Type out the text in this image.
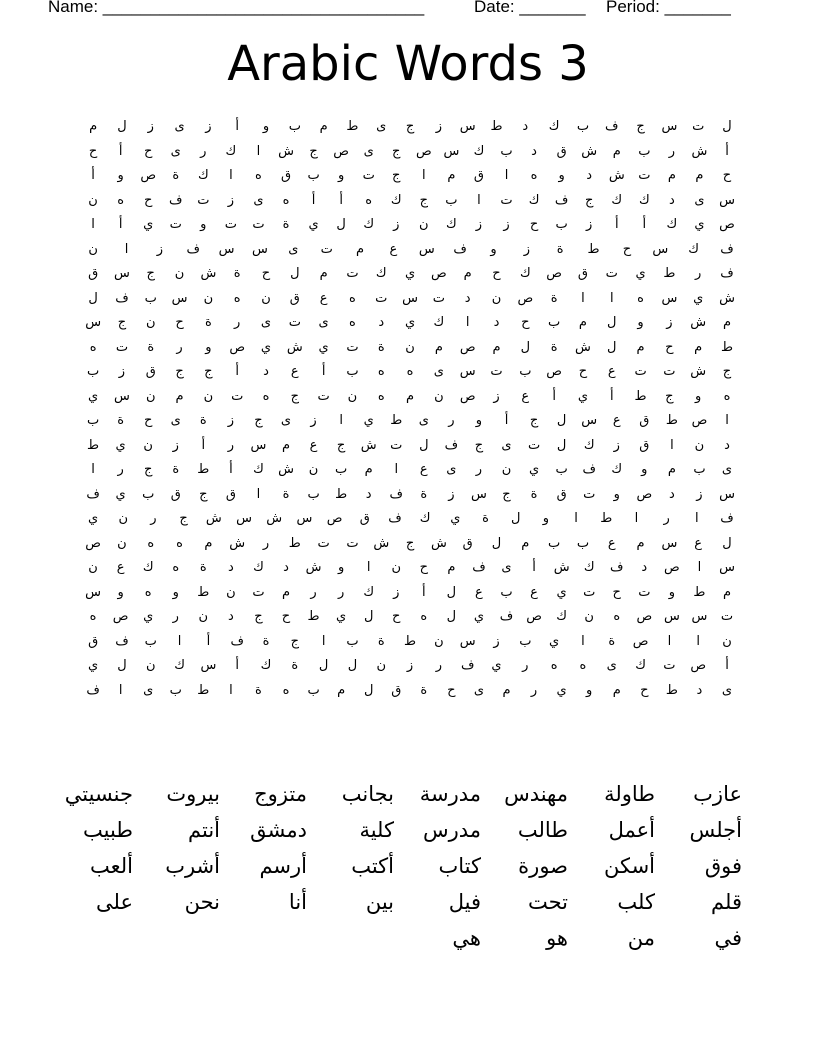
Name: __________________________________	Date: _______ Period: _______
Arabic Words 3
ل
ت
س
ج
ف
ب
ك
د
ط
س
ز
ج
ى
ط
م
ب
و
أ
ز
ى
ز
ل
م
أ
ش
ر
ب
م
ش
ق
د
ب
ك
س
ص
ج
ى
ص
ج
ش
ا
ك
ر
ى
ح
أ
ح
ح
م
م
ت
ش
د
و
ه
ا
ق
م
ا
ج
ت
و
ب
ق
ه
ا
ك
ة
ص
و
أ
س
ى
د
ك
ك
ج
ف
ك
ت
ا
ب
ج
ك
ه
أ
أ
ه
ى
ز
ت
ف
ح
ه
ن
ص
ي
ك
أ
أ
ز
ب
ح
ز
ز
ك
ن
ز
ك
ل
ي
ة
ت
ت
و
ت
ي
أ
ا
ف
ك
س
ح
ط
ة
ز
و
ف
س
ع
م
ت
ى
س
س
ف
ز
ا
ن
ف
ر
ط
ي
ت
ق
ص
ك
ح
م
ص
ي
ك
ت
م
ل
ح
ة
ش
ن
ج
س
ق
ش
ي
س
ه
ا
ا
ة
ص
ن
د
ت
س
ت
ه
ع
ق
ن
ه
ن
س
ب
ف
ل
م
ش
ز
و
ل
م
ب
ح
د
ا
ك
ي
د
ه
ى
ت
ى
ر
ة
ح
ن
ج
س
ط
م
ح
م
ل
ش
ة
ل
م
ص
م
ن
ة
ت
ي
ش
ي
ص
و
ر
ة
ت
ه
ج
ش
ت
ت
ع
ح
ص
ب
ت
س
ى
ه
ه
ب
أ
ع
د
أ
ج
ج
ق
ز
ب
ه
و
ج
ط
أ
ي
أ
ع
ز
ص
ن
م
ه
ن
ت
ج
ه
ت
ن
م
ن
س
ي
ا
ص
ط
ق
ع
س
ل
ج
أ
و
ر
ى
ط
ي
ا
ز
ى
ج
ز
ة
ى
ح
ة
ب
د
ن
ا
ق
ز
ك
ل
ت
ى
ج
ف
ل
ت
ش
ج
ع
م
س
ر
أ
ز
ن
ي
ط
ى
ب
م
و
ك
ف
ب
ي
ن
ر
ى
ع
ا
م
ب
ن
ش
ك
أ
ط
ة
ج
ر
ا
س
ز
د
ص
و
ت
ق
ة
ج
س
ز
ة
ف
د
ط
ب
ة
ا
ق
ج
ق
ب
ي
ف
ف
ا
ر
ا
ط
ا
و
ل
ة
ي
ك
ف
ق
ص
س
ش
س
ش
ج
ر
ن
ي
ل
ع
س
م
ع
ب
ب
م
ل
ق
ش
ج
ش
ت
ت
ط
ر
ش
م
ه
ه
ن
ص
س
ا
ص
د
ف
ك
ش
أ
ى
ف
م
ح
ن
ا
و
ش
د
ك
د
ة
ه
ك
ع
ن
م
ط
و
ت
ح
ت
ي
ع
ب
ع
ل
أ
ز
ك
ر
ر
م
ت
ن
ط
و
ه
و
س
ت
س
س
ص
ه
ن
ك
ص
ف
ي
ل
ه
ح
ل
ي
ط
ح
ج
د
ن
ر
ي
ص
ه
ن
ا
ا
ص
ة
ا
ي
ب
ز
س
ن
ط
ة
ب
ا
ج
ة
ف
أ
ا
ب
ف
ق
أ
ص
ت
ك
ى
ه
ه
ر
ي
ف
ر
ز
ن
ل
ل
ة
ك
أ
س
ك
ن
ل
ي
ى
د
ط
ح
م
و
ي
ر
م
ى
ح
ة
ق
ل
م
ب
ه
ة
ا
ط
ب
ى
ا
ف
عازب
طاولة
مهندس
مدرسة
بجانب
متزوج
بيروت
جنسيتي
أجلس
أعمل
طالب
مدرس
كلية
دمشق
أنتم
طبيب
فوق
أسكن
صورة
كتاب
أكتب
أرسم
أشرب
ألعب
قلم
كلب
تحت
فيل
بين
أنا
نحن
على
في
من
هو
هي
